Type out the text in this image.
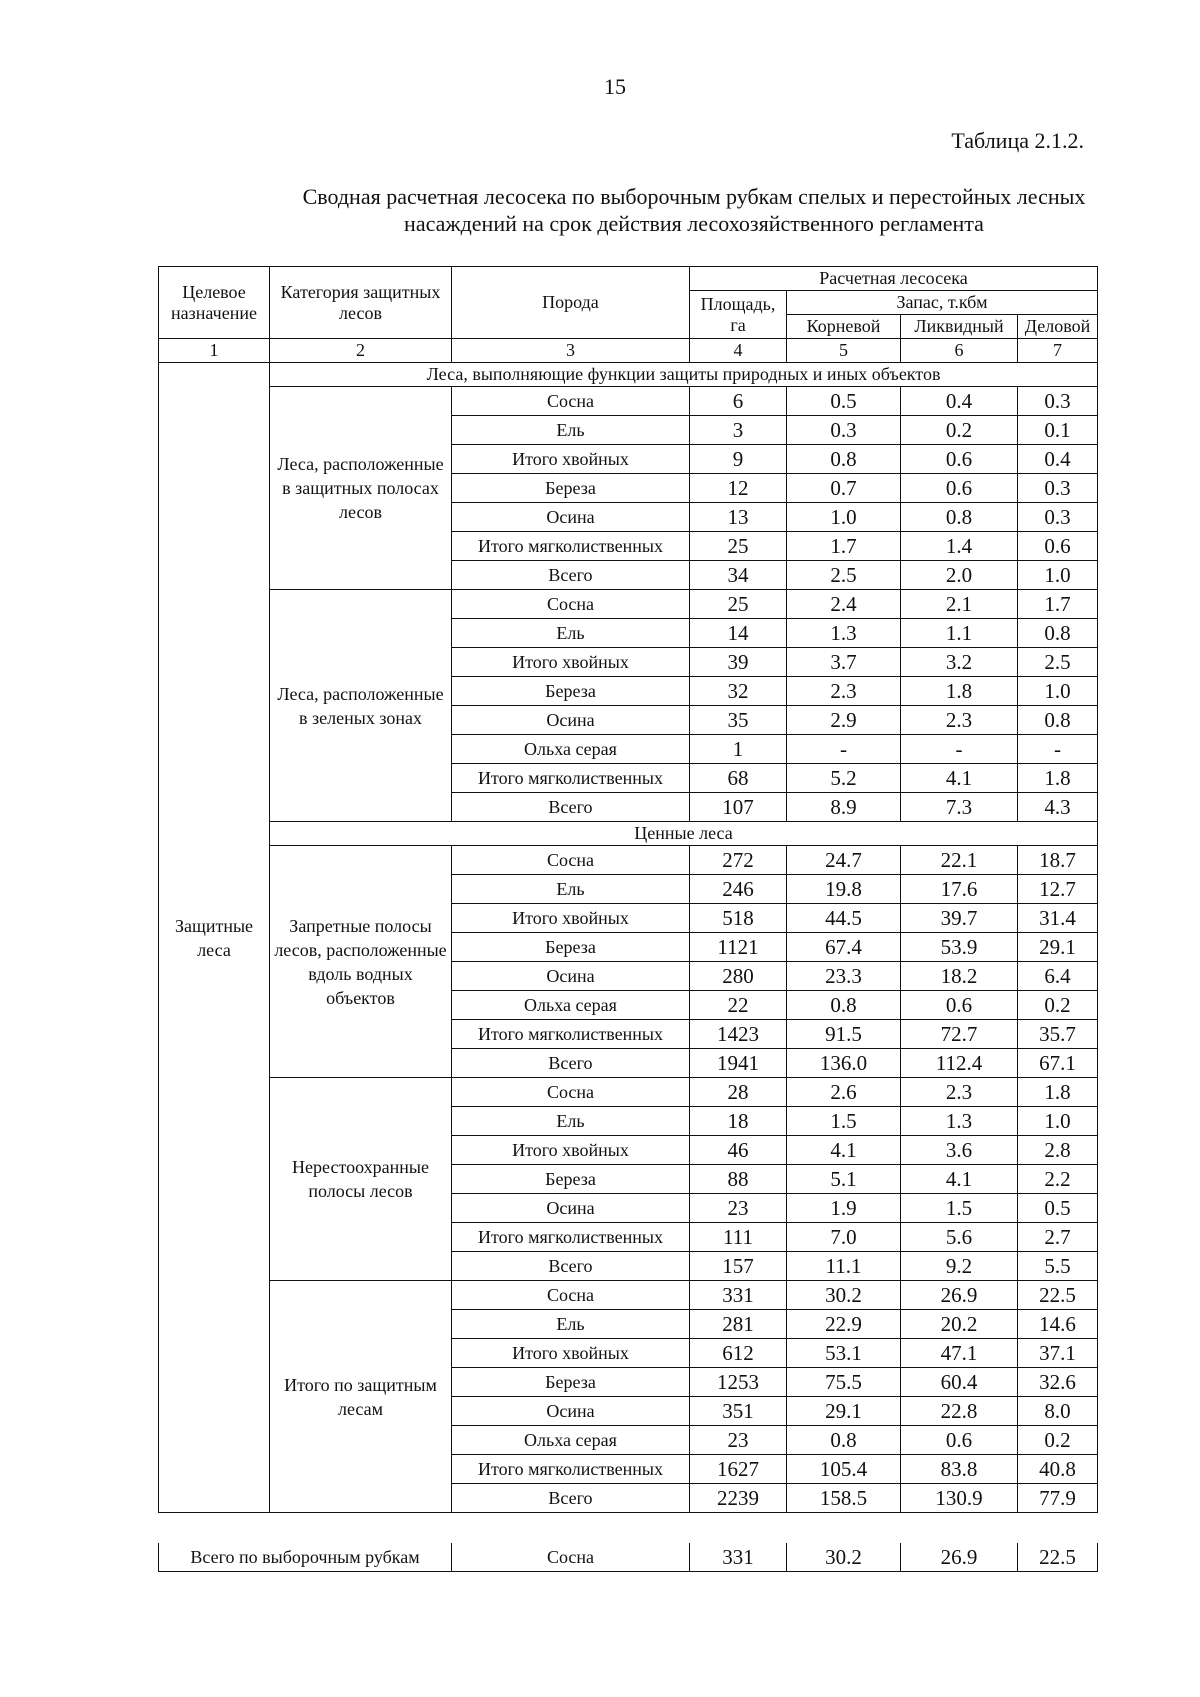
15
Таблица 2.1.2.
Сводная расчетная лесосека по выборочным рубкам спелых и перестойных лесных
насаждений на срок действия лесохозяйственного регламента
Целевое назначение	Категория защитных лесов	Порода	Расчетная лесосека			
			Площадь, га	Запас, т.кбм		
				Корневой	Ликвидный	Деловой
1	2	3	4	5	6	7
Защитные леса	Леса, выполняющие функции защиты природных и иных объектов					
	Леса, расположенные в защитных полосах лесов	Сосна	6	0.5	0.4	0.3
		Ель	3	0.3	0.2	0.1
		Итого хвойных	9	0.8	0.6	0.4
		Береза	12	0.7	0.6	0.3
		Осина	13	1.0	0.8	0.3
		Итого мягколиственных	25	1.7	1.4	0.6
		Всего	34	2.5	2.0	1.0
	Леса, расположенные в зеленых зонах	Сосна	25	2.4	2.1	1.7
		Ель	14	1.3	1.1	0.8
		Итого хвойных	39	3.7	3.2	2.5
		Береза	32	2.3	1.8	1.0
		Осина	35	2.9	2.3	0.8
		Ольха серая	1	-	-	-
		Итого мягколиственных	68	5.2	4.1	1.8
		Всего	107	8.9	7.3	4.3
	Ценные леса					
	Запретные полосы лесов, расположенные вдоль водных объектов	Сосна	272	24.7	22.1	18.7
		Ель	246	19.8	17.6	12.7
		Итого хвойных	518	44.5	39.7	31.4
		Береза	1121	67.4	53.9	29.1
		Осина	280	23.3	18.2	6.4
		Ольха серая	22	0.8	0.6	0.2
		Итого мягколиственных	1423	91.5	72.7	35.7
		Всего	1941	136.0	112.4	67.1
	Нерестоохранные полосы лесов	Сосна	28	2.6	2.3	1.8
		Ель	18	1.5	1.3	1.0
		Итого хвойных	46	4.1	3.6	2.8
		Береза	88	5.1	4.1	2.2
		Осина	23	1.9	1.5	0.5
		Итого мягколиственных	111	7.0	5.6	2.7
		Всего	157	11.1	9.2	5.5
	Итого по защитным лесам	Сосна	331	30.2	26.9	22.5
		Ель	281	22.9	20.2	14.6
		Итого хвойных	612	53.1	47.1	37.1
		Береза	1253	75.5	60.4	32.6
		Осина	351	29.1	22.8	8.0
		Ольха серая	23	0.8	0.6	0.2
		Итого мягколиственных	1627	105.4	83.8	40.8
		Всего	2239	158.5	130.9	77.9
Всего по выборочным рубкам	Сосна	331	30.2	26.9	22.5
